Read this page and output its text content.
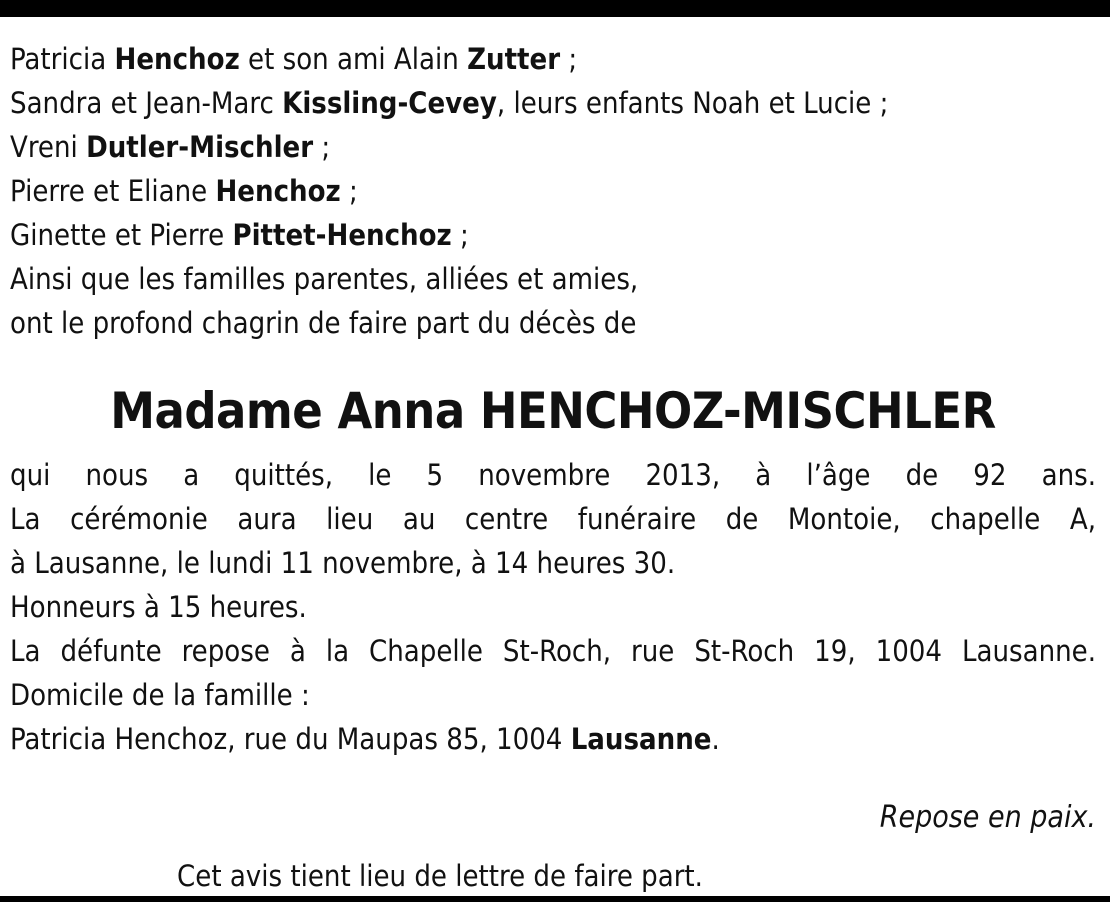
Patricia Henchoz et son ami Alain Zutter ;
Sandra et Jean-Marc Kissling-Cevey, leurs enfants Noah et Lucie ;
Vreni Dutler-Mischler ;
Pierre et Eliane Henchoz ;
Ginette et Pierre Pittet-Henchoz ;
Ainsi que les familles parentes, alliées et amies,
ont le profond chagrin de faire part du décès de
Madame Anna HENCHOZ-MISCHLER
qui nous a quittés, le 5 novembre 2013, à l’âge de 92 ans.
La cérémonie aura lieu au centre funéraire de Montoie, chapelle A,
à Lausanne, le lundi 11 novembre, à 14 heures 30.
Honneurs à 15 heures.
La défunte repose à la Chapelle St-Roch, rue St-Roch 19, 1004 Lausanne.
Domicile de la famille :
Patricia Henchoz, rue du Maupas 85, 1004 Lausanne.
Repose en paix.
Cet avis tient lieu de lettre de faire part.
